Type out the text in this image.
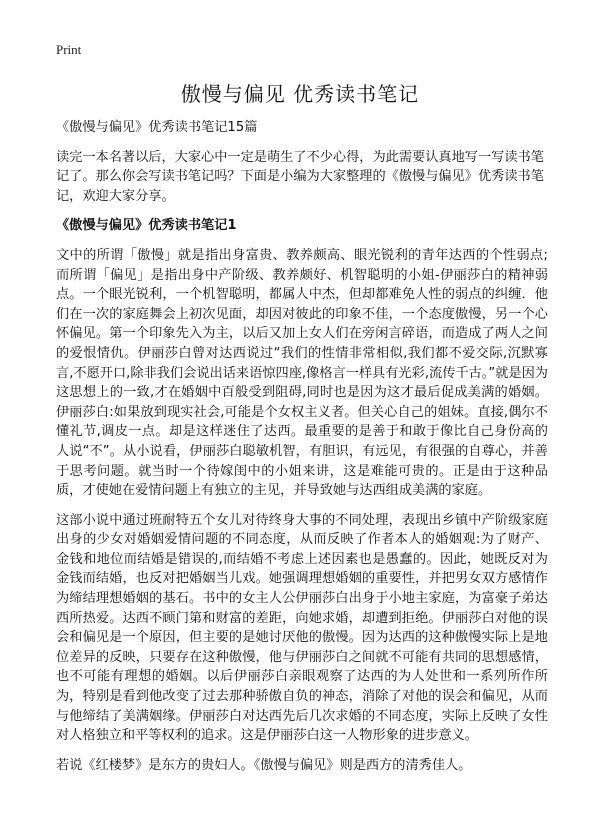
Print
傲慢与偏见 优秀读书笔记

《傲慢与偏见》优秀读书笔记15篇

读完一本名著以后，大家心中一定是萌生了不少心得，为此需要认真地写一写读书笔记了。那么你会写读书笔记吗？下面是小编为大家整理的《傲慢与偏见》优秀读书笔记，欢迎大家分享。

《傲慢与偏见》优秀读书笔记1

文中的所谓「傲慢」就是指出身富贵、教养颇高、眼光锐利的青年达西的个性弱点;而所谓「偏见」是指出身中产阶级、教养颇好、机智聪明的小姐-伊丽莎白的精神弱点。一个眼光锐利，一个机智聪明，都属人中杰，但却都难免人性的弱点的纠缠．他们在一次的家庭舞会上初次见面，却因对彼此的印象不佳，一个态度傲慢，另一个心怀偏见。第一个印象先入为主，以后又加上女人们在旁闲言碎语，而造成了两人之间的爱恨情仇。伊丽莎白曾对达西说过“我们的性情非常相似,我们都不爱交际,沉默寡言,不愿开口,除非我们会说出话来语惊四座,像格言一样具有光彩,流传千古。”就是因为这思想上的一致,才在婚姻中百般受到阻碍,同时也是因为这才最后促成美满的婚姻。伊丽莎白:如果放到现实社会,可能是个女权主义者。但关心自己的姐妹。直接,偶尔不懂礼节,调皮一点。却是这样迷住了达西。最重要的是善于和敢于像比自己身份高的人说“不”。从小说看，伊丽莎白聪敏机智，有胆识，有远见，有很强的自尊心，并善于思考问题。就当时一个待嫁闺中的小姐来讲，这是难能可贵的。正是由于这种品质，才使她在爱情问题上有独立的主见，并导致她与达西组成美满的家庭。

这部小说中通过班耐特五个女儿对待终身大事的不同处理，表现出乡镇中产阶级家庭出身的少女对婚姻爱情问题的不同态度，从而反映了作者本人的婚姻观:为了财产、金钱和地位而结婚是错误的,而结婚不考虑上述因素也是愚蠢的。因此，她既反对为金钱而结婚，也反对把婚姻当儿戏。她强调理想婚姻的重要性，并把男女双方感情作为缔结理想婚姻的基石。书中的女主人公伊丽莎白出身于小地主家庭，为富豪子弟达西所热爱。达西不顾门第和财富的差距，向她求婚，却遭到拒绝。伊丽莎白对他的误会和偏见是一个原因，但主要的是她讨厌他的傲慢。因为达西的这种傲慢实际上是地位差异的反映，只要存在这种傲慢，他与伊丽莎白之间就不可能有共同的思想感情，也不可能有理想的婚姻。以后伊丽莎白亲眼观察了达西的为人处世和一系列所作所为，特别是看到他改变了过去那种骄傲自负的神态，消除了对他的误会和偏见，从而与他缔结了美满姻缘。伊丽莎白对达西先后几次求婚的不同态度，实际上反映了女性对人格独立和平等权利的追求。这是伊丽莎白这一人物形象的进步意义。

若说《红楼梦》是东方的贵妇人。《傲慢与偏见》则是西方的清秀佳人。
